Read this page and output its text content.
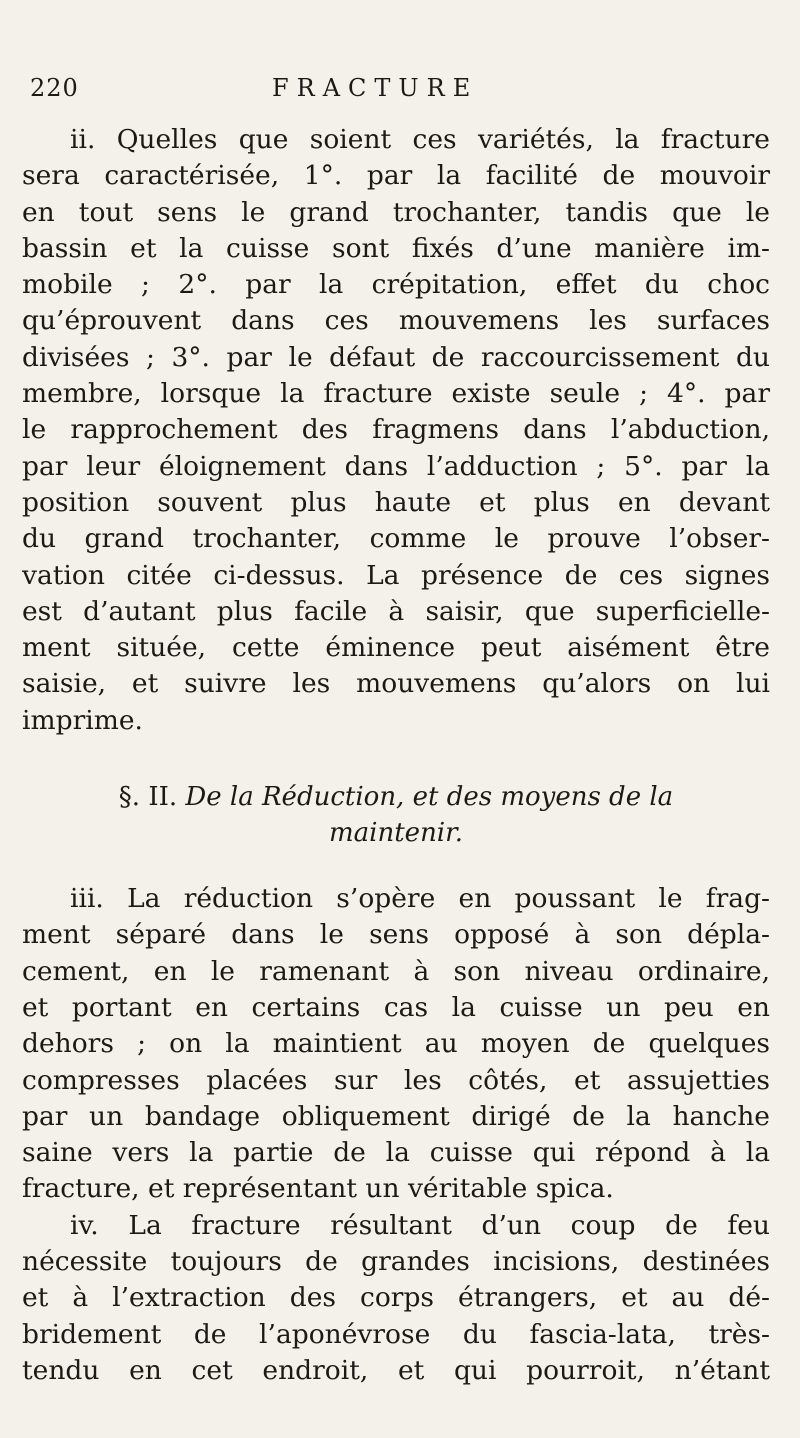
220	FRACTURE
ii. Quelles que soient ces variétés, la fracture
sera caractérisée, 1°. par la facilité de mouvoir
en tout sens le grand trochanter, tandis que le
bassin et la cuisse sont fixés d’une manière im-
mobile ; 2°. par la crépitation, effet du choc
qu’éprouvent dans ces mouvemens les surfaces
divisées ; 3°. par le défaut de raccourcissement du
membre, lorsque la fracture existe seule ; 4°. par
le rapprochement des fragmens dans l’abduction,
par leur éloignement dans l’adduction ; 5°. par la
position souvent plus haute et plus en devant
du grand trochanter, comme le prouve l’obser-
vation citée ci-dessus. La présence de ces signes
est d’autant plus facile à saisir, que superficielle-
ment située, cette éminence peut aisément être
saisie, et suivre les mouvemens qu’alors on lui
imprime.
§. II. De la Réduction, et des moyens de la
maintenir.
iii. La réduction s’opère en poussant le frag-
ment séparé dans le sens opposé à son dépla-
cement, en le ramenant à son niveau ordinaire,
et portant en certains cas la cuisse un peu en
dehors ; on la maintient au moyen de quelques
compresses placées sur les côtés, et assujetties
par un bandage obliquement dirigé de la hanche
saine vers la partie de la cuisse qui répond à la
fracture, et représentant un véritable spica.
iv. La fracture résultant d’un coup de feu
nécessite toujours de grandes incisions, destinées
et à l’extraction des corps étrangers, et au dé-
bridement de l’aponévrose du fascia-lata, très-
tendu en cet endroit, et qui pourroit, n’étant
